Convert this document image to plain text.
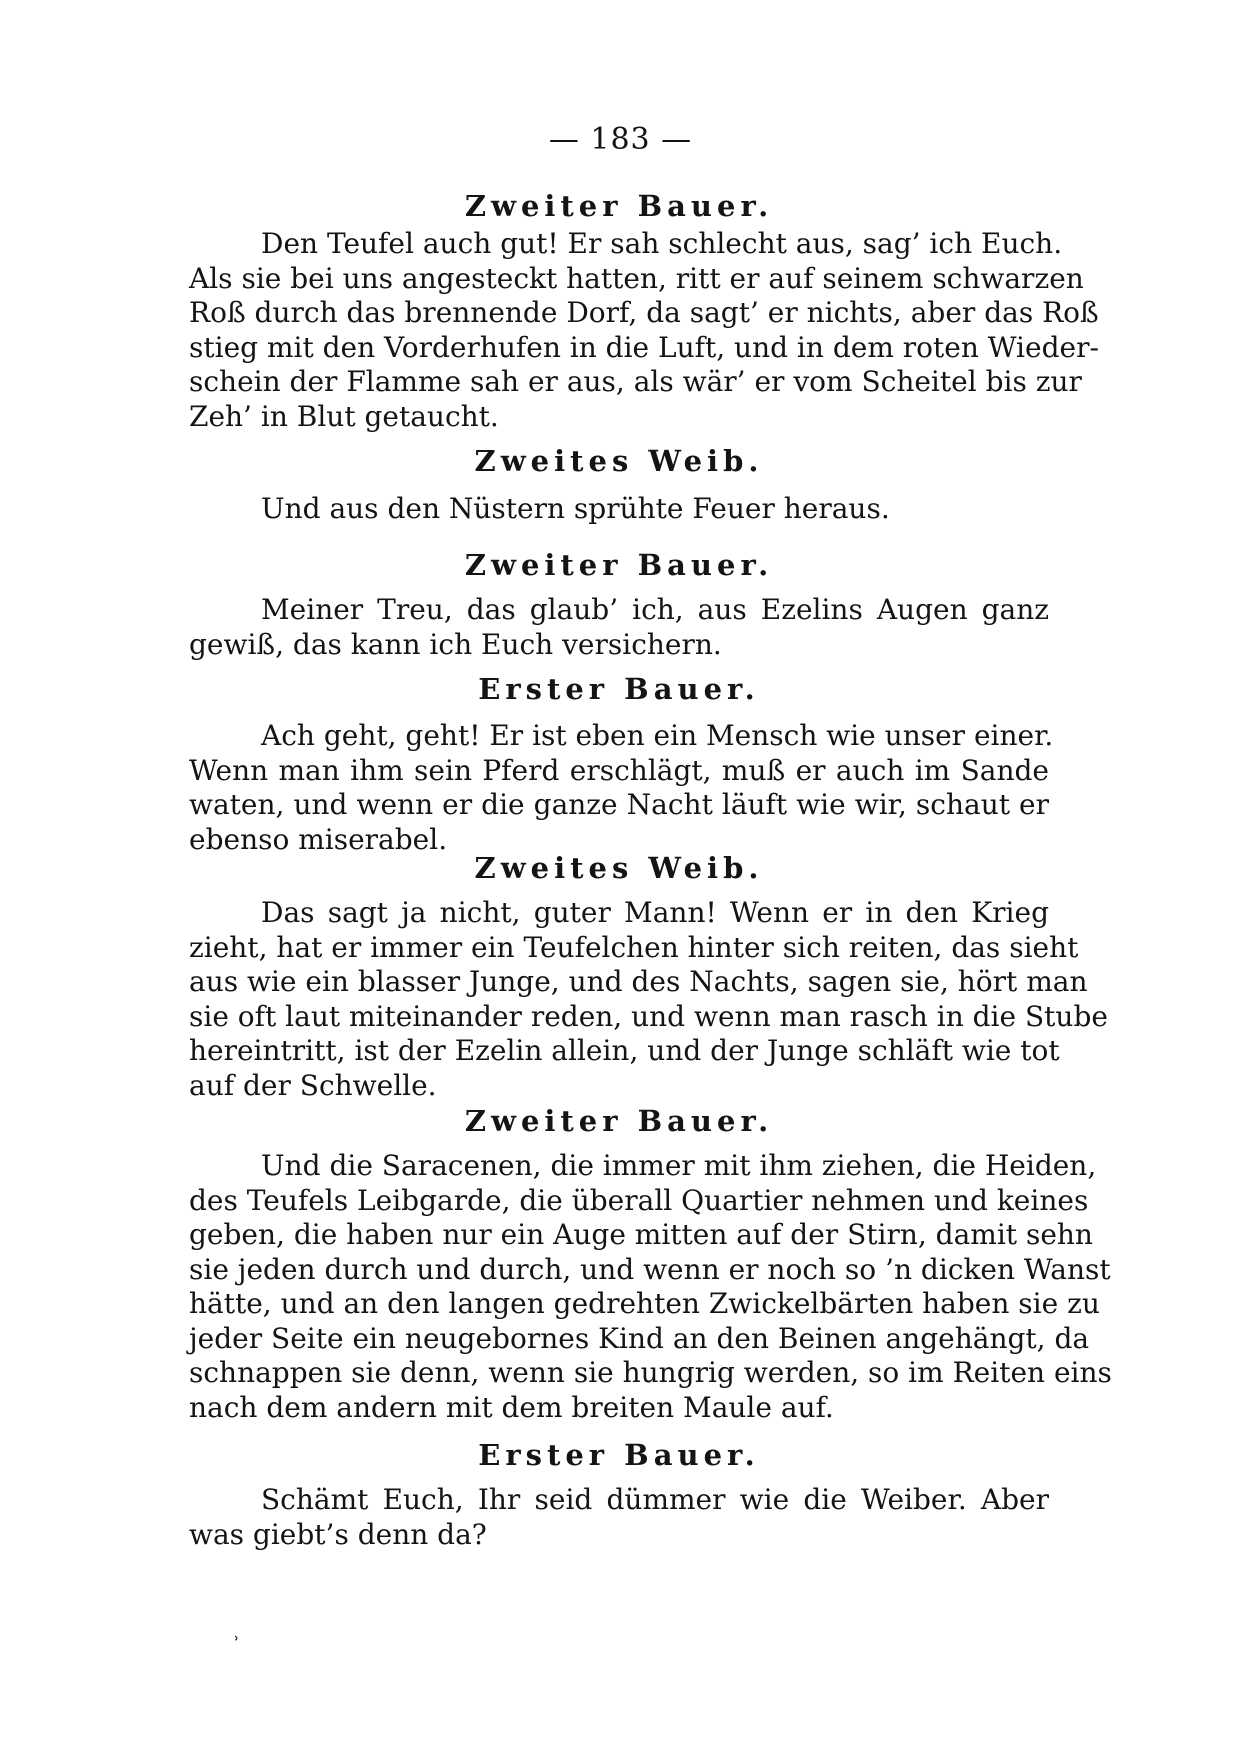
— 183 —
Zweiter Bauer.
Den Teufel auch gut! Er sah schlecht aus, sag’ ich Euch.
Als sie bei uns angesteckt hatten, ritt er auf seinem schwarzen
Roß durch das brennende Dorf, da sagt’ er nichts, aber das Roß
stieg mit den Vorderhufen in die Luft, und in dem roten Wieder-
schein der Flamme sah er aus, als wär’ er vom Scheitel bis zur
Zeh’ in Blut getaucht.
Zweites Weib.
Und aus den Nüstern sprühte Feuer heraus.
Zweiter Bauer.
Meiner Treu, das glaub’ ich, aus Ezelins Augen ganz
gewiß, das kann ich Euch versichern.
Erster Bauer.
Ach geht, geht! Er ist eben ein Mensch wie unser einer.
Wenn man ihm sein Pferd erschlägt, muß er auch im Sande
waten, und wenn er die ganze Nacht läuft wie wir, schaut er
ebenso miserabel.
Zweites Weib.
Das sagt ja nicht, guter Mann! Wenn er in den Krieg
zieht, hat er immer ein Teufelchen hinter sich reiten, das sieht
aus wie ein blasser Junge, und des Nachts, sagen sie, hört man
sie oft laut miteinander reden, und wenn man rasch in die Stube
hereintritt, ist der Ezelin allein, und der Junge schläft wie tot
auf der Schwelle.
Zweiter Bauer.
Und die Saracenen, die immer mit ihm ziehen, die Heiden,
des Teufels Leibgarde, die überall Quartier nehmen und keines
geben, die haben nur ein Auge mitten auf der Stirn, damit sehn
sie jeden durch und durch, und wenn er noch so ’n dicken Wanst
hätte, und an den langen gedrehten Zwickelbärten haben sie zu
jeder Seite ein neugebornes Kind an den Beinen angehängt, da
schnappen sie denn, wenn sie hungrig werden, so im Reiten eins
nach dem andern mit dem breiten Maule auf.
Erster Bauer.
Schämt Euch, Ihr seid dümmer wie die Weiber. Aber
was giebt’s denn da?
˒
